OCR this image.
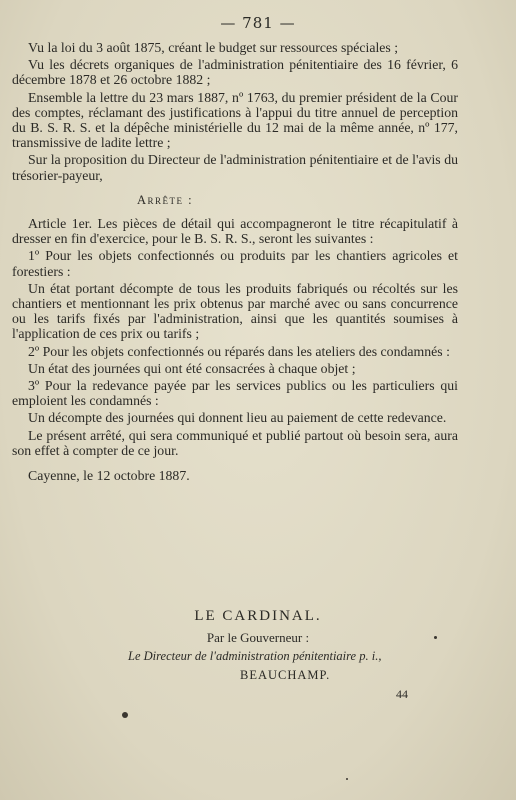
— 781 —

Vu la loi du 3 août 1875, créant le budget sur ressources spéciales ;

Vu les décrets organiques de l'administration pénitentiaire des 16 février, 6 décembre 1878 et 26 octobre 1882 ;

Ensemble la lettre du 23 mars 1887, nº 1763, du premier président de la Cour des comptes, réclamant des justifications à l'appui du titre annuel de perception du B. S. R. S. et la dépêche ministérielle du 12 mai de la même année, nº 177, transmissive de ladite lettre ;

Sur la proposition du Directeur de l'administration pénitentiaire et de l'avis du trésorier-payeur,

Arrête :

Article 1er. Les pièces de détail qui accompagneront le titre récapitulatif à dresser en fin d'exercice, pour le B. S. R. S., seront les suivantes :

1º Pour les objets confectionnés ou produits par les chantiers agricoles et forestiers :

Un état portant décompte de tous les produits fabriqués ou récoltés sur les chantiers et mentionnant les prix obtenus par marché avec ou sans concurrence ou les tarifs fixés par l'administration, ainsi que les quantités soumises à l'application de ces prix ou tarifs ;

2º Pour les objets confectionnés ou réparés dans les ateliers des condamnés :

Un état des journées qui ont été consacrées à chaque objet ;

3º Pour la redevance payée par les services publics ou les particuliers qui emploient les condamnés :

Un décompte des journées qui donnent lieu au paiement de cette redevance.

Le présent arrêté, qui sera communiqué et publié partout où besoin sera, aura son effet à compter de ce jour.

Cayenne, le 12 octobre 1887.

LE CARDINAL.
Par le Gouverneur :
Le Directeur de l'administration pénitentiaire p. i.,
BEAUCHAMP.
44
